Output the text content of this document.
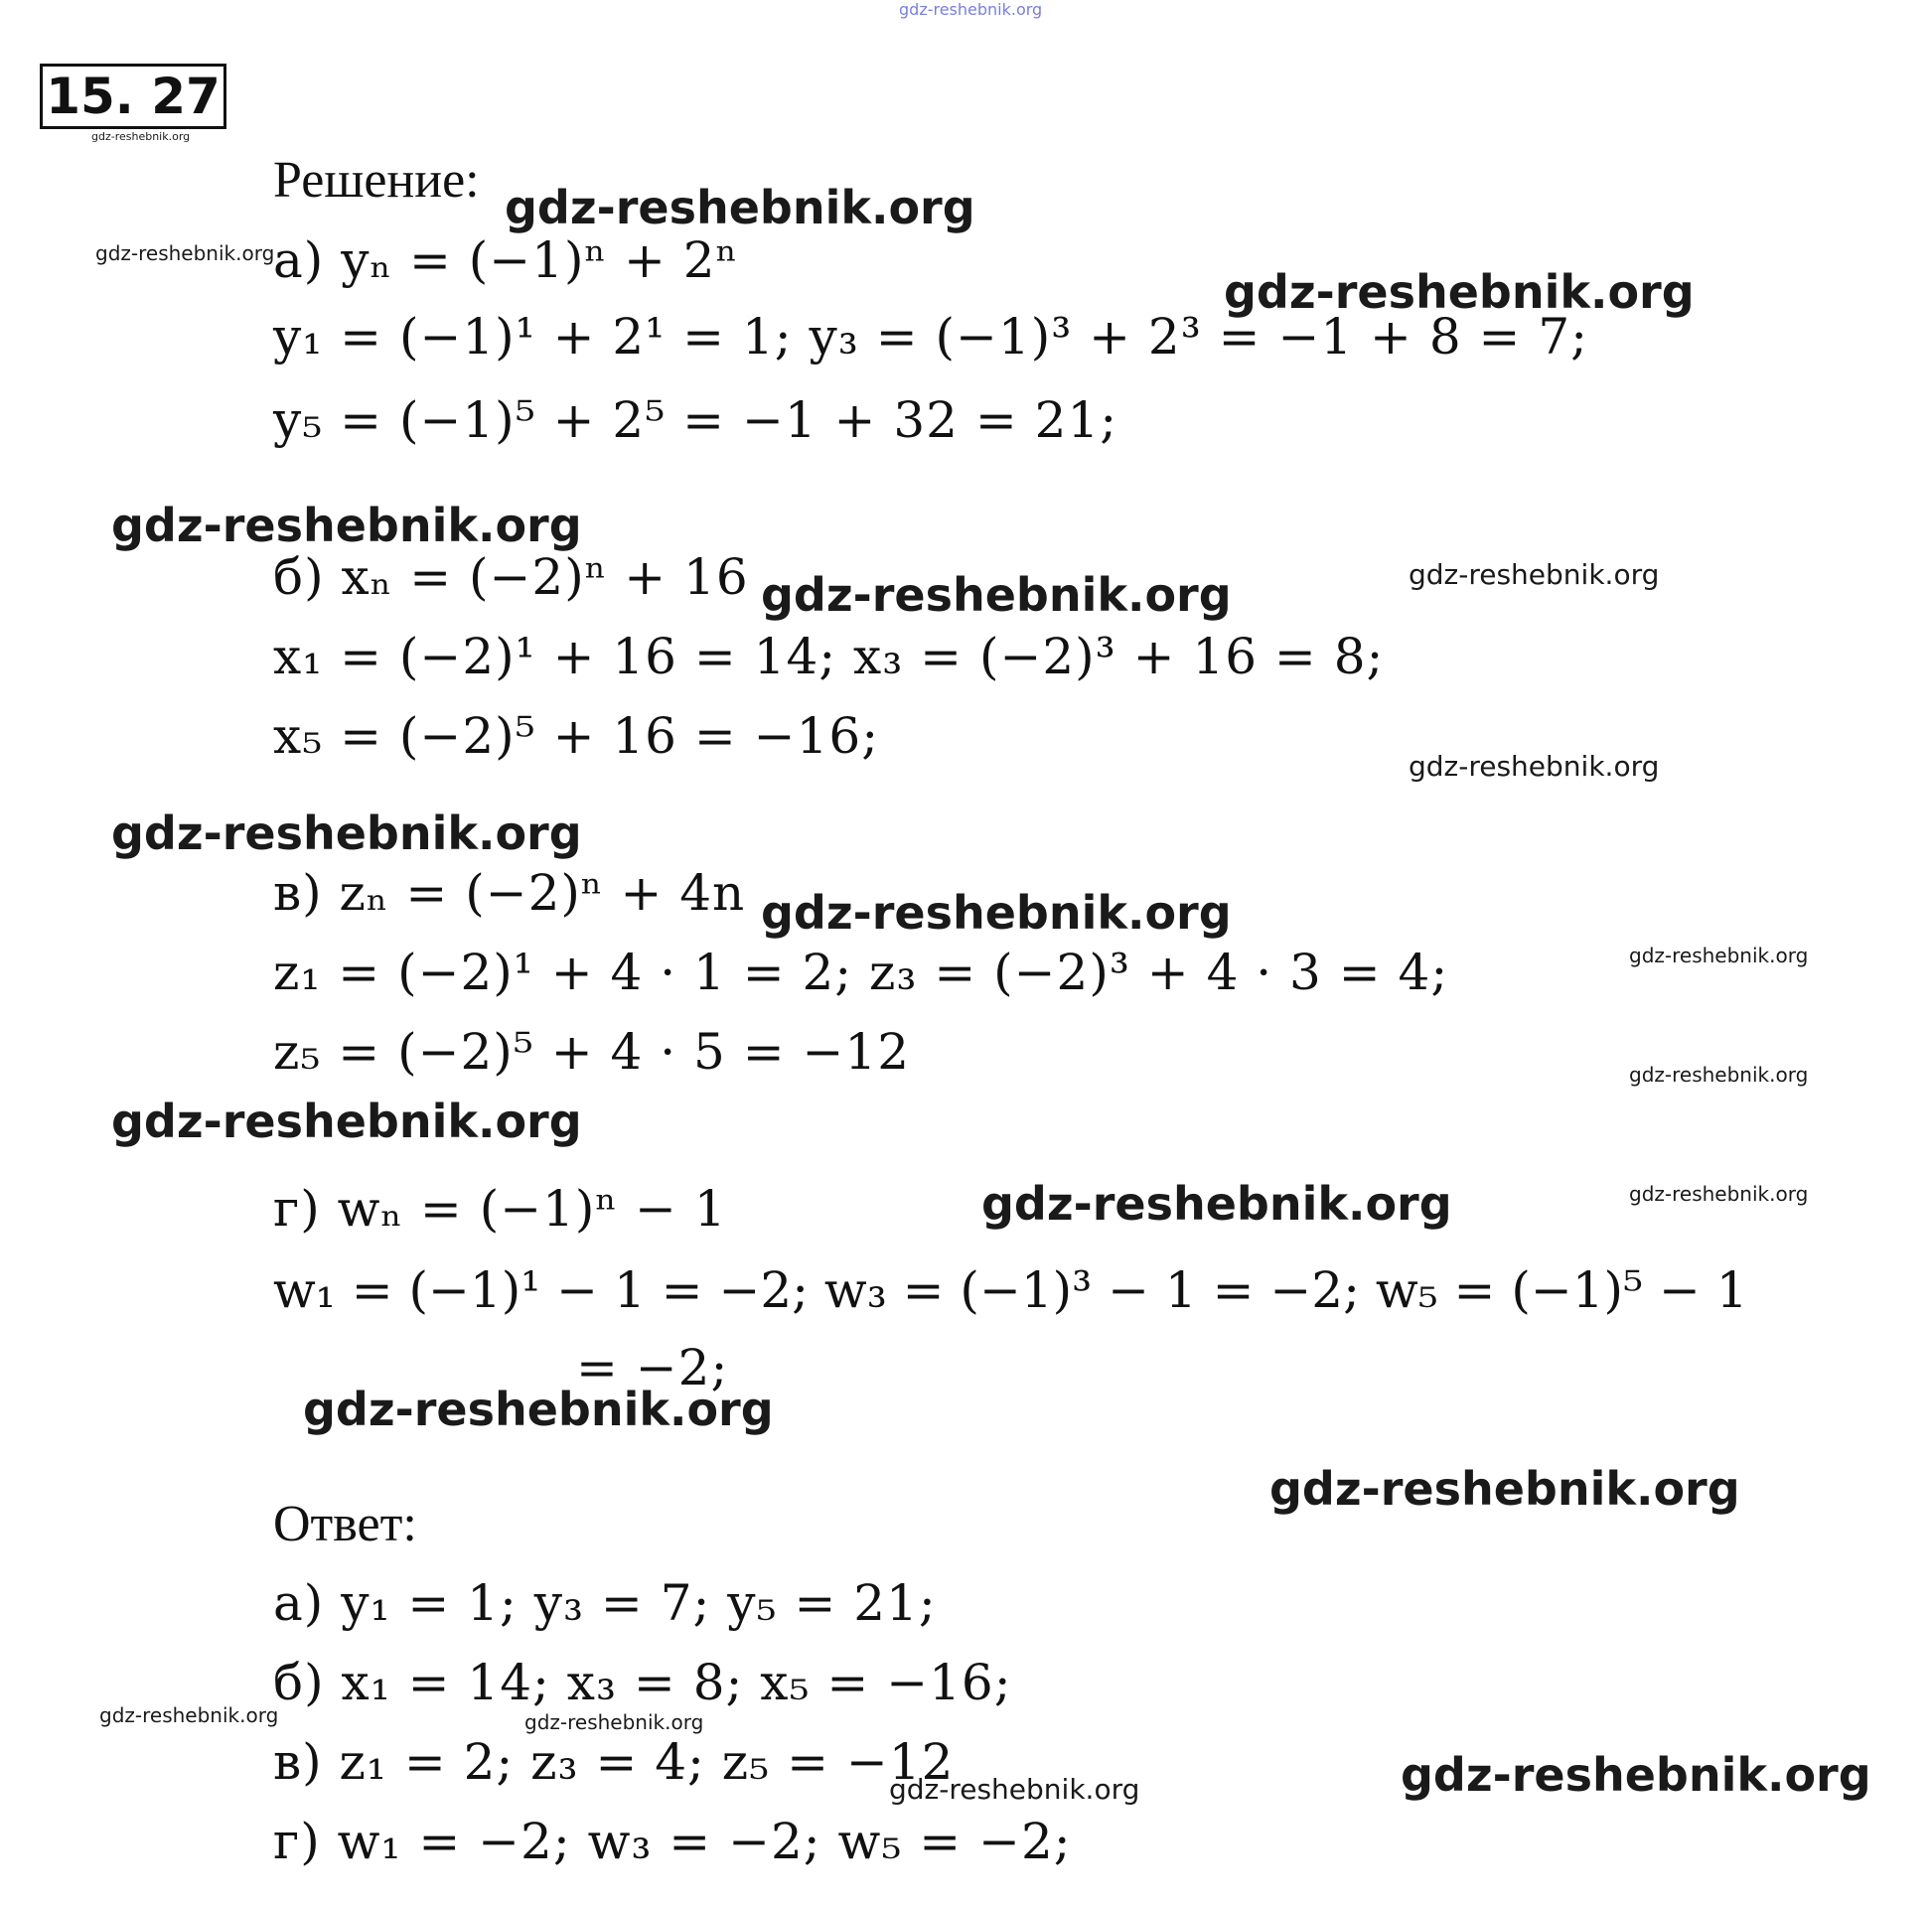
gdz-reshebnik.org
15. 27
gdz-reshebnik.org
Решение: gdz-reshebnik.org
gdz-reshebnik.org
а) yₙ = (−1)ⁿ + 2ⁿ
gdz-reshebnik.org
y₁ = (−1)¹ + 2¹ = 1; y₃ = (−1)³ + 2³ = −1 + 8 = 7;
y₅ = (−1)⁵ + 2⁵ = −1 + 32 = 21;
gdz-reshebnik.org
б) xₙ = (−2)ⁿ + 16 gdz-reshebnik.org	gdz-reshebnik.org
x₁ = (−2)¹ + 16 = 14; x₃ = (−2)³ + 16 = 8;
x₅ = (−2)⁵ + 16 = −16;
gdz-reshebnik.org
gdz-reshebnik.org
в) zₙ = (−2)ⁿ + 4n gdz-reshebnik.org
gdz-reshebnik.org
z₁ = (−2)¹ + 4 · 1 = 2; z₃ = (−2)³ + 4 · 3 = 4;
z₅ = (−2)⁵ + 4 · 5 = −12	gdz-reshebnik.org
gdz-reshebnik.org
г) wₙ = (−1)ⁿ − 1	gdz-reshebnik.org	gdz-reshebnik.org
w₁ = (−1)¹ − 1 = −2; w₃ = (−1)³ − 1 = −2; w₅ = (−1)⁵ − 1
= −2;
gdz-reshebnik.org
gdz-reshebnik.org
Ответ:
а) y₁ = 1; y₃ = 7; y₅ = 21;
б) x₁ = 14; x₃ = 8; x₅ = −16;
gdz-reshebnik.org	gdz-reshebnik.org
в) z₁ = 2; z₃ = 4; z₅ = −12
gdz-reshebnik.org	gdz-reshebnik.org
г) w₁ = −2; w₃ = −2; w₅ = −2;
